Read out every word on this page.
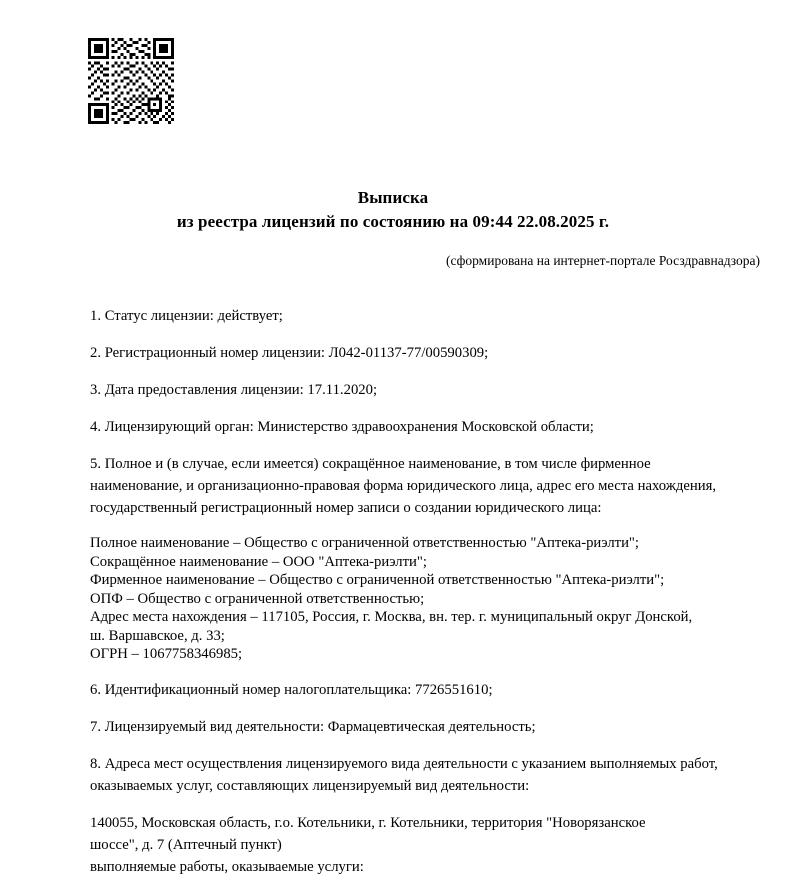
Выписка
из реестра лицензий по состоянию на 09:44 22.08.2025 г.
(сформирована на интернет-портале Росздравнадзора)

1. Статус лицензии: действует;

2. Регистрационный номер лицензии: Л042-01137-77/00590309;

3. Дата предоставления лицензии: 17.11.2020;

4. Лицензирующий орган: Министерство здравоохранения Московской области;

5. Полное и (в случае, если имеется) сокращённое наименование, в том числе фирменное наименование, и организационно-правовая форма юридического лица, адрес его места нахождения, государственный регистрационный номер записи о создании юридического лица:

Полное наименование – Общество с ограниченной ответственностью "Аптека-риэлти";
Сокращённое наименование – ООО "Аптека-риэлти";
Фирменное наименование – Общество с ограниченной ответственностью "Аптека-риэлти";
ОПФ – Общество с ограниченной ответственностью;
Адрес места нахождения – 117105, Россия, г. Москва, вн. тер. г. муниципальный округ Донской,
ш. Варшавское, д. 33;
ОГРН – 1067758346985;

6. Идентификационный номер налогоплательщика: 7726551610;

7. Лицензируемый вид деятельности: Фармацевтическая деятельность;

8. Адреса мест осуществления лицензируемого вида деятельности с указанием выполняемых работ, оказываемых услуг, составляющих лицензируемый вид деятельности:

140055, Московская область, г.о. Котельники, г. Котельники, территория "Новорязанское
шоссе", д. 7 (Аптечный пункт)
выполняемые работы, оказываемые услуги:
